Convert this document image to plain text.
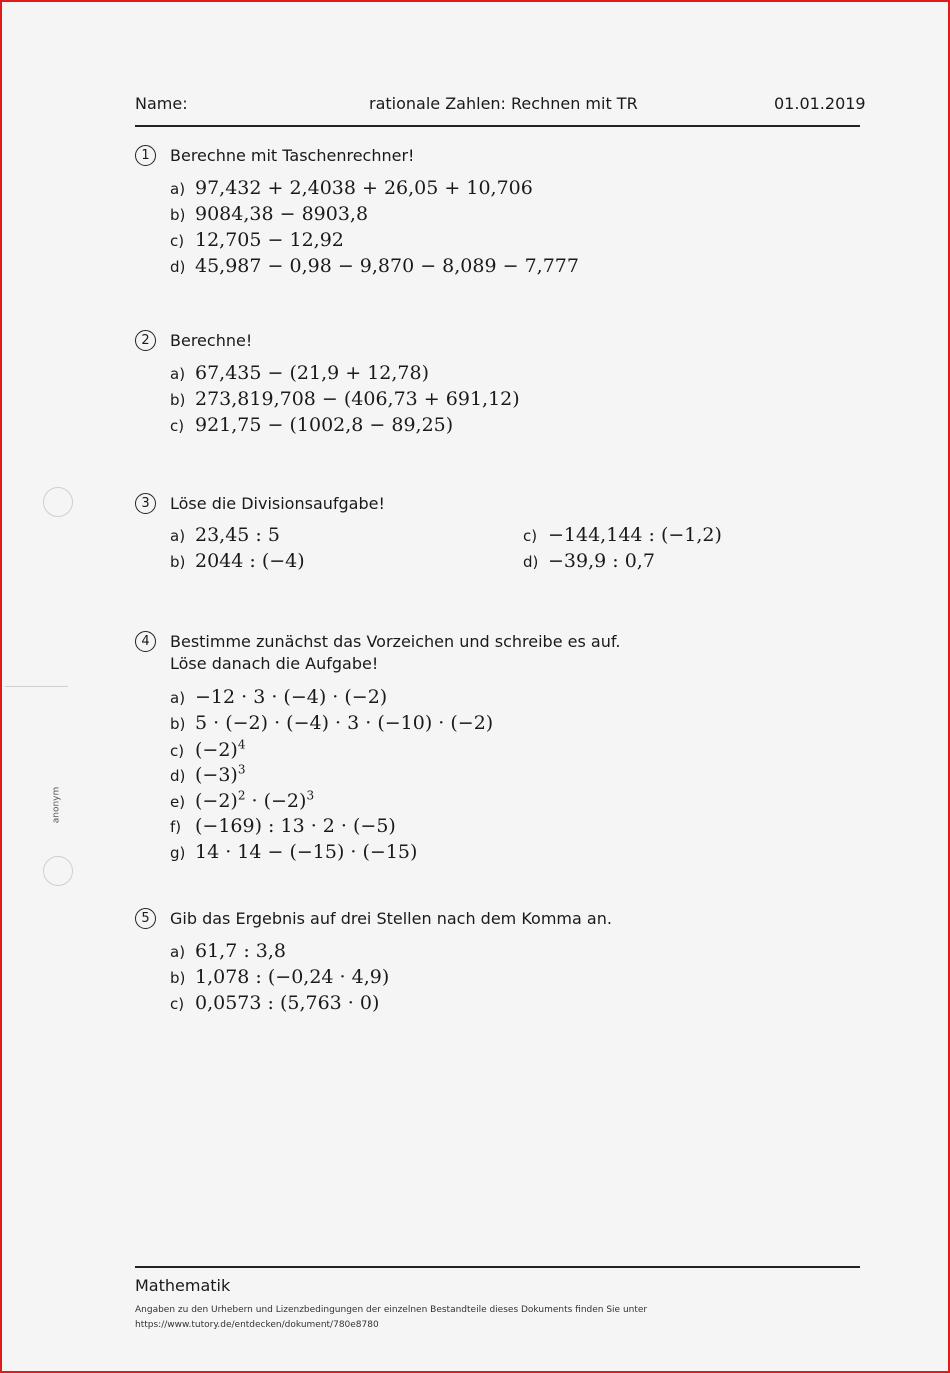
Name:	rationale Zahlen: Rechnen mit TR	01.01.2019
anonym
1	Berechne mit Taschenrechner!
a) 97,432 + 2,4038 + 26,05 + 10,706
b) 9084,38 − 8903,8
c) 12,705 − 12,92
d) 45,987 − 0,98 − 9,870 − 8,089 − 7,777
2	Berechne!
a) 67,435 − (21,9 + 12,78)
b) 273,819,708 − (406,73 + 691,12)
c) 921,75 − (1002,8 − 89,25)
3	Löse die Divisionsaufgabe!
a) 23,45 : 5
b) 2044 : (−4)
c) −144,144 : (−1,2)
d) −39,9 : 0,7
4	Bestimme zunächst das Vorzeichen und schreibe es auf.
Löse danach die Aufgabe!
a) −12 · 3 · (−4) · (−2)
b) 5 · (−2) · (−4) · 3 · (−10) · (−2)
c) $(-2)^4$
d) $(-3)^3$
e) $(-2)^2 \cdot (-2)^3$
f) (−169) : 13 · 2 · (−5)
g) 14 · 14 − (−15) · (−15)
5	Gib das Ergebnis auf drei Stellen nach dem Komma an.
a) 61,7 : 3,8
b) 1,078 : (−0,24 · 4,9)
c) 0,0573 : (5,763 · 0)
Mathematik
Angaben zu den Urhebern und Lizenzbedingungen der einzelnen Bestandteile dieses Dokuments finden Sie unter
https://www.tutory.de/entdecken/dokument/780e8780
